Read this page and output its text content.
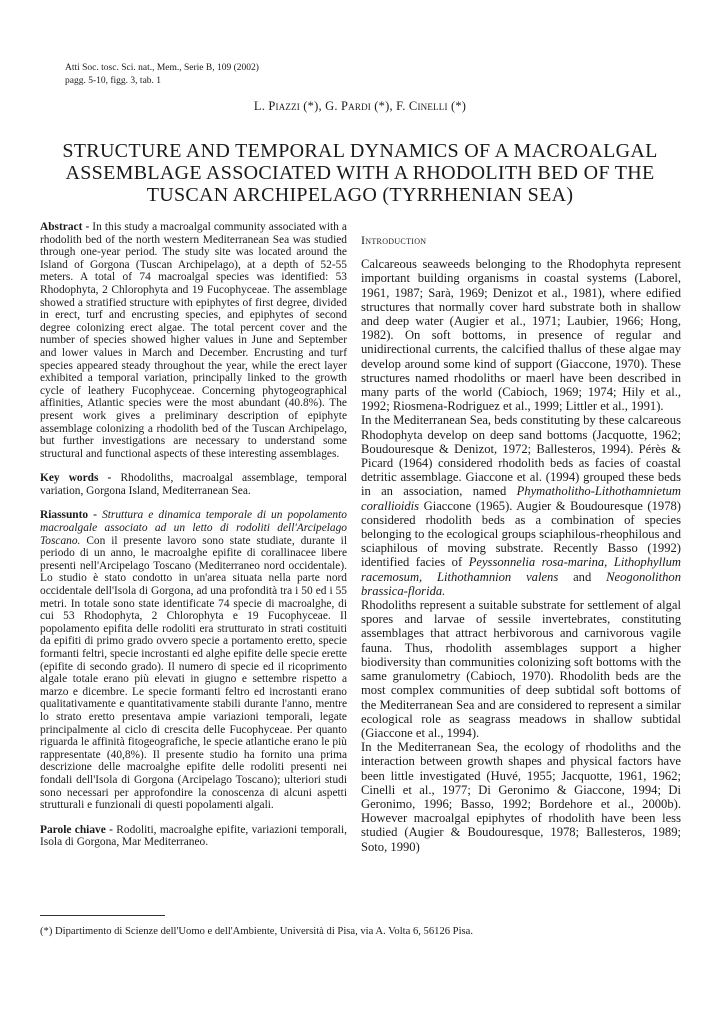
Atti Soc. tosc. Sci. nat., Mem., Serie B, 109 (2002)
pagg. 5-10, figg. 3, tab. 1
L. Piazzi (*), G. Pardi (*), F. Cinelli (*)
STRUCTURE AND TEMPORAL DYNAMICS OF A MACROALGAL
ASSEMBLAGE ASSOCIATED WITH A RHODOLITH BED OF THE
TUSCAN ARCHIPELAGO (TYRRHENIAN SEA)

Abstract - In this study a macroalgal community associated with a rhodolith bed of the north western Mediterranean Sea was studied through one-year period. The study site was located around the Island of Gorgona (Tuscan Archipelago), at a depth of 52-55 meters. A total of 74 macroalgal species was identified: 53 Rhodophyta, 2 Chlorophyta and 19 Fucophyceae. The assemblage showed a stratified structure with epiphytes of first degree, divided in erect, turf and encrusting species, and epiphytes of second degree colonizing erect algae. The total percent cover and the number of species showed higher values in June and September and lower values in March and December. Encrusting and turf species appeared steady throughout the year, while the erect layer exhibited a temporal variation, principally linked to the growth cycle of leathery Fucophyceae. Concerning phytogeographical affinities, Atlantic species were the most abundant (40.8%). The present work gives a preliminary description of epiphyte assemblage colonizing a rhodolith bed of the Tuscan Archipelago, but further investigations are necessary to understand some structural and functional aspects of these interesting assemblages.

Key words - Rhodoliths, macroalgal assemblage, temporal variation, Gorgona Island, Mediterranean Sea.

Riassunto - Struttura e dinamica temporale di un popolamento macroalgale associato ad un letto di rodoliti dell'Arcipelago Toscano. Con il presente lavoro sono state studiate, durante il periodo di un anno, le macroalghe epifite di corallinacee libere presenti nell'Arcipelago Toscano (Mediterraneo nord occidentale). Lo studio è stato condotto in un'area situata nella parte nord occidentale dell'Isola di Gorgona, ad una profondità tra i 50 ed i 55 metri. In totale sono state identificate 74 specie di macroalghe, di cui 53 Rhodophyta, 2 Chlorophyta e 19 Fucophyceae. Il popolamento epifita delle rodoliti era strutturato in strati costituiti da epifiti di primo grado ovvero specie a portamento eretto, specie formanti feltri, specie incrostanti ed alghe epifite delle specie erette (epifite di secondo grado). Il numero di specie ed il ricoprimento algale totale erano più elevati in giugno e settembre rispetto a marzo e dicembre. Le specie formanti feltro ed incrostanti erano qualitativamente e quantitativamente stabili durante l'anno, mentre lo strato eretto presentava ampie variazioni temporali, legate principalmente al ciclo di crescita delle Fucophyceae. Per quanto riguarda le affinità fitogeografiche, le specie atlantiche erano le più rappresentate (40,8%). Il presente studio ha fornito una prima descrizione delle macroalghe epifite delle rodoliti presenti nei fondali dell'Isola di Gorgona (Arcipelago Toscano); ulteriori studi sono necessari per approfondire la conoscenza di alcuni aspetti strutturali e funzionali di questi popolamenti algali.

Parole chiave - Rodoliti, macroalghe epifite, variazioni temporali, Isola di Gorgona, Mar Mediterraneo.

Introduction

Calcareous seaweeds belonging to the Rhodophyta represent important building organisms in coastal systems (Laborel, 1961, 1987; Sarà, 1969; Denizot et al., 1981), where edified structures that normally cover hard substrate both in shallow and deep water (Augier et al., 1971; Laubier, 1966; Hong, 1982). On soft bottoms, in presence of regular and unidirectional currents, the calcified thallus of these algae may develop around some kind of support (Giaccone, 1970). These structures named rhodoliths or maerl have been described in many parts of the world (Cabioch, 1969; 1974; Hily et al., 1992; Riosmena-Rodriguez et al., 1999; Littler et al., 1991).

In the Mediterranean Sea, beds constituting by these calcareous Rhodophyta develop on deep sand bottoms (Jacquotte, 1962; Boudouresque & Denizot, 1972; Ballesteros, 1994). Pérès & Picard (1964) considered rhodolith beds as facies of coastal detritic assemblage. Giaccone et al. (1994) grouped these beds in an association, named Phymatholitho-Lithothamnietum corallioidis Giaccone (1965). Augier & Boudouresque (1978) considered rhodolith beds as a combination of species belonging to the ecological groups sciaphilous-rheophilous and sciaphilous of moving substrate. Recently Basso (1992) identified facies of Peyssonnelia rosa-marina, Lithophyllum racemosum, Lithothamnion valens and Neogonolithon brassica-florida.

Rhodoliths represent a suitable substrate for settlement of algal spores and larvae of sessile invertebrates, constituting assemblages that attract herbivorous and carnivorous vagile fauna. Thus, rhodolith assemblages support a higher biodiversity than communities colonizing soft bottoms with the same granulometry (Cabioch, 1970). Rhodolith beds are the most complex communities of deep subtidal soft bottoms of the Mediterranean Sea and are considered to represent a similar ecological role as seagrass meadows in shallow subtidal (Giaccone et al., 1994).

In the Mediterranean Sea, the ecology of rhodoliths and the interaction between growth shapes and physical factors have been little investigated (Huvé, 1955; Jacquotte, 1961, 1962; Cinelli et al., 1977; Di Geronimo & Giaccone, 1994; Di Geronimo, 1996; Basso, 1992; Bordehore et al., 2000b). However macroalgal epiphytes of rhodolith have been less studied (Augier & Boudouresque, 1978; Ballesteros, 1989; Soto, 1990)

(*) Dipartimento di Scienze dell'Uomo e dell'Ambiente, Università di Pisa, via A. Volta 6, 56126 Pisa.
